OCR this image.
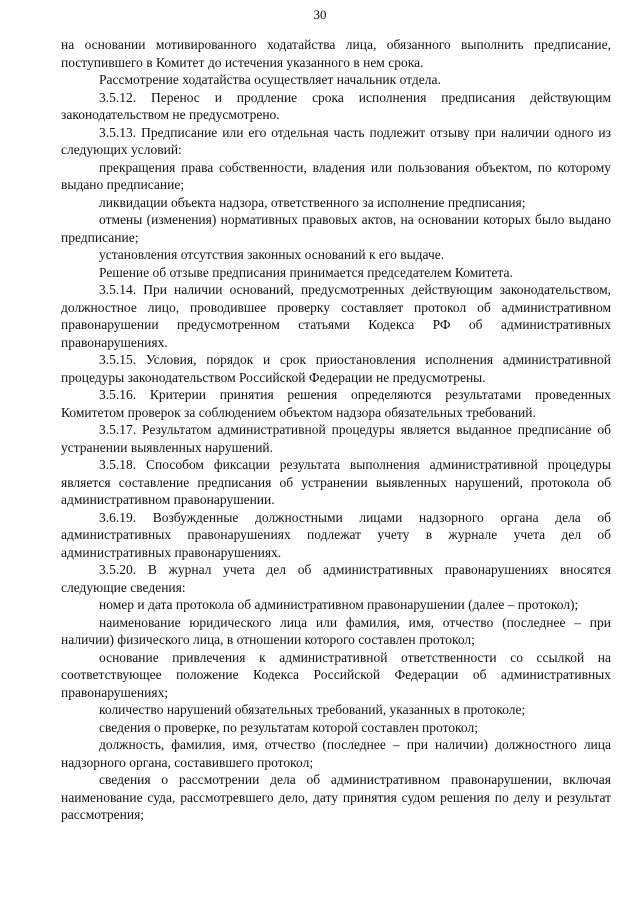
30

на основании мотивированного ходатайства лица, обязанного выполнить предписание, поступившего в Комитет до истечения указанного в нем срока.

Рассмотрение ходатайства осуществляет начальник отдела.

3.5.12. Перенос и продление срока исполнения предписания действующим законодательством не предусмотрено.

3.5.13. Предписание или его отдельная часть подлежит отзыву при наличии одного из следующих условий:

прекращения права собственности, владения или пользования объектом, по которому выдано предписание;

ликвидации объекта надзора, ответственного за исполнение предписания;

отмены (изменения) нормативных правовых актов, на основании которых было выдано предписание;

установления отсутствия законных оснований к его выдаче.

Решение об отзыве предписания принимается председателем Комитета.

3.5.14. При наличии оснований, предусмотренных действующим законодательством, должностное лицо, проводившее проверку составляет протокол об административном правонарушении предусмотренном статьями Кодекса РФ об административных правонарушениях.

3.5.15. Условия, порядок и срок приостановления исполнения административной процедуры законодательством Российской Федерации не предусмотрены.

3.5.16. Критерии принятия решения определяются результатами проведенных Комитетом проверок за соблюдением объектом надзора обязательных требований.

3.5.17. Результатом административной процедуры является выданное предписание об устранении выявленных нарушений.

3.5.18. Способом фиксации результата выполнения административной процедуры является составление предписания об устранении выявленных нарушений, протокола об административном правонарушении.

3.6.19. Возбужденные должностными лицами надзорного органа дела об административных правонарушениях подлежат учету в журнале учета дел об административных правонарушениях.

3.5.20. В журнал учета дел об административных правонарушениях вносятся следующие сведения:

номер и дата протокола об административном правонарушении (далее – протокол);

наименование юридического лица или фамилия, имя, отчество (последнее – при наличии) физического лица, в отношении которого составлен протокол;

основание привлечения к административной ответственности со ссылкой на соответствующее положение Кодекса Российской Федерации об административных правонарушениях;

количество нарушений обязательных требований, указанных в протоколе;

сведения о проверке, по результатам которой составлен протокол;

должность, фамилия, имя, отчество (последнее – при наличии) должностного лица надзорного органа, составившего протокол;

сведения о рассмотрении дела об административном правонарушении, включая наименование суда, рассмотревшего дело, дату принятия судом решения по делу и результат рассмотрения;
